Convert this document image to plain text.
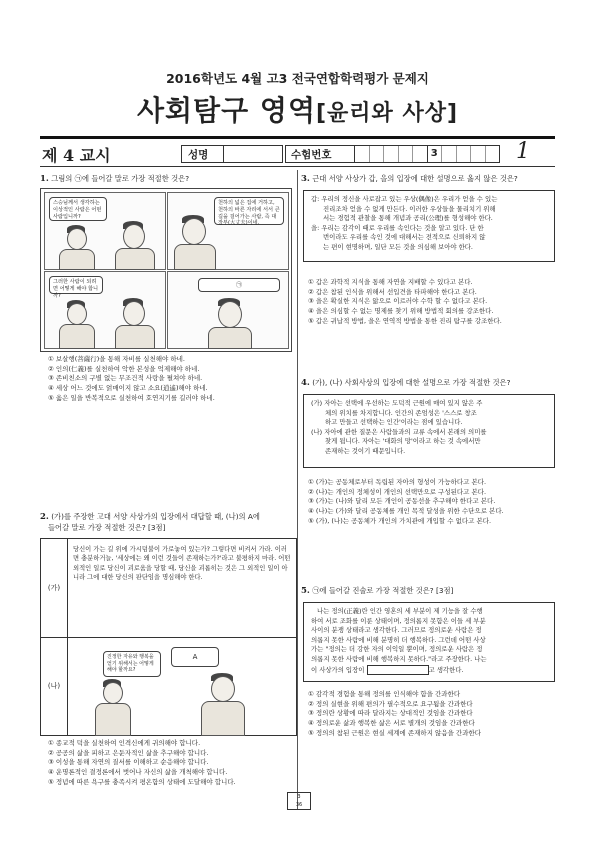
2016학년도 4월 고3 전국연합학력평가 문제지
사회탐구 영역[윤리와 사상]
제 4 교시	성명	수험번호	3	1
1. 그림의 ㉠에 들어갈 말로 가장 적절한 것은?
스승님께서 생각하는 이상적인 사람은 어떤 사람입니까?
천하의 넓은 집에 거하고, 천하의 바른 자리에 서서 큰 길을 걸어가는 사람, 즉 대장부(大丈夫)이네.
그러한 사람이 되려면 어떻게 해야 합니까?
㉠
① 보살행(菩薩行)을 통해 자비를 실천해야 하네.
② 인의(仁義)를 실천하여 악한 본성을 억제해야 하네.
③ 존비친소의 구별 없는 무조건적 사랑을 펼쳐야 하네.
④ 세상 어느 것에도 얽매이지 않고 소요(逍遙)해야 하네.
⑤ 옳은 일을 반복적으로 실천하여 호연지기를 길러야 하네.
2. (가)를 주장한 고대 서양 사상가의 입장에서 대답할 때, (나)의 A에
들어갈 말로 가장 적절한 것은? [3점]
(가)
당신이 가는 길 위에 가시덤불이 가로놓여 있는가? 그렇다면 비켜서 가라. 이러면 충분하거늘, '세상에는 왜 이런 것들이 존재하는가?'라고 불평하지 마라. 어떤 외적인 일로 당신이 괴로움을 당할 때, 당신을 괴롭히는 것은 그 외적인 일이 아니라 그에 대한 당신의 판단임을 명심해야 한다.
(나)
진정한 자유와 행복을 얻기 위해서는 어떻게 해야 할까요?
A
① 종교적 덕을 실천하여 인격신에게 귀의해야 합니다.
② 공공의 삶을 피하고 은둔자적인 삶을 추구해야 합니다.
③ 이성을 통해 자연의 질서를 이해하고 순응해야 합니다.
④ 운명론적인 결정론에서 벗어나 자신의 삶을 개척해야 합니다.
⑤ 정념에 따른 욕구를 충족시켜 평온함의 상태에 도달해야 합니다.
3. 근대 서양 사상가 갑, 을의 입장에 대한 설명으로 옳지 않은 것은?

갑: 우리의 정신을 사로잡고 있는 우상(偶像)은 우리가 얻을 수 있는

진리조차 얻을 수 없게 만든다. 이러한 우상들을 물리치기 위해

서는 경험적 관찰을 통해 개념과 공리(公理)를 형성해야 한다.

을: 우리는 감각이 때로 우리를 속인다는 것을 알고 있다. 단 한

번이라도 우리를 속인 것에 대해서는 전적으로 신뢰하지 않

는 편이 현명하며, 일단 모든 것을 의심해 보아야 한다.

① 갑은 과학적 지식을 통해 자연을 지배할 수 있다고 본다.
② 갑은 참된 인식을 위해서 선입견을 타파해야 한다고 본다.
③ 을은 확실한 지식은 앎으로 이르러야 수학 할 수 없다고 본다.
④ 을은 의심할 수 없는 명제를 찾기 위해 방법적 회의를 강조한다.
⑤ 갑은 귀납적 방법, 을은 연역적 방법을 통한 진리 탐구를 강조한다.
4. (가), (나) 사회사상의 입장에 대한 설명으로 가장 적절한 것은?

(가) 자아는 선택에 우선하는 도덕적 근원에 매여 있지 않은 주

체의 위치를 차지합니다. 인간의 존엄성은 '스스로 창조

하고 만들고 선택하는 인간'이라는 점에 있습니다.

(나) 자아에 관한 질문은 사람들과의 교류 속에서 본래의 의미를

찾게 됩니다. 자아는 '대화의 망'이라고 하는 것 속에서만

존재하는 것이기 때문입니다.

① (가)는 공동체로부터 독립된 자아의 형성이 가능하다고 본다.
② (나)는 개인의 정체성이 개인의 선택만으로 구성된다고 본다.
③ (가)는 (나)와 달리 모든 개인이 공동선을 추구해야 한다고 본다.
④ (나)는 (가)와 달리 공동체를 개인 목적 달성을 위한 수단으로 본다.
⑤ (가), (나)는 공동체가 개인의 가치관에 개입할 수 없다고 본다.
5. ㉠에 들어갈 진술로 가장 적절한 것은? [3점]

나는 정의(正義)란 인간 영혼의 세 부분이 제 기능을 잘 수행

하여 서로 조화를 이룬 상태이며, 정의롭지 못함은 이들 세 부분

사이의 분쟁 상태라고 생각한다. 그러므로 정의로운 사람은 정

의롭지 못한 사람에 비해 분명히 더 행복하다. 그런데 어떤 사상

가는 "정의는 더 강한 자의 이익일 뿐이며, 정의로운 사람은 정

의롭지 못한 사람에 비해 행복하지 못하다."라고 주장한다. 나는

이 사상가의 입장이	고 생각한다.

① 감각적 경험을 통해 정의를 인식해야 함을 간과한다
② 정의 실현을 위해 편의가 필수적으로 요구됨을 간과한다
③ 정의란 상황에 따라 달라지는 상대적인 것임을 간과한다
④ 정의로운 삶과 행복한 삶은 서로 별개의 것임을 간과한다
⑤ 정의의 참된 근원은 현실 세계에 존재하지 않음을 간과한다
3
36
